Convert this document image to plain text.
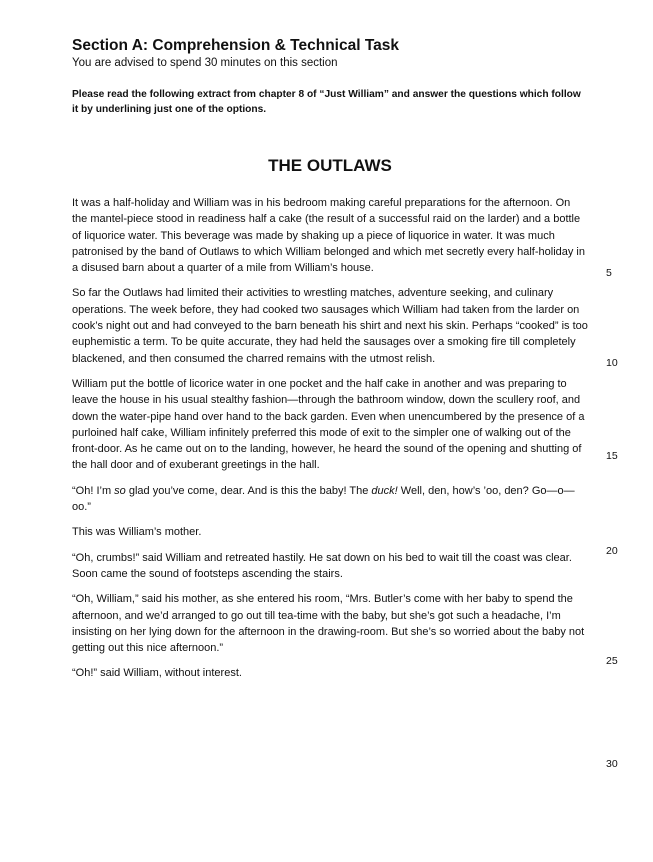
Section A: Comprehension & Technical Task

You are advised to spend 30 minutes on this section

Please read the following extract from chapter 8 of “Just William” and answer the questions which follow it by underlining just one of the options.
THE OUTLAWS

It was a half-holiday and William was in his bedroom making careful preparations for the afternoon. On the mantel-piece stood in readiness half a cake (the result of a successful raid on the larder) and a bottle of liquorice water. This beverage was made by shaking up a piece of liquorice in water. It was much patronised by the band of Outlaws to which William belonged and which met secretly every half-holiday in a disused barn about a quarter of a mile from William’s house.

So far the Outlaws had limited their activities to wrestling matches, adventure seeking, and culinary operations. The week before, they had cooked two sausages which William had taken from the larder on cook’s night out and had conveyed to the barn beneath his shirt and next his skin. Perhaps “cooked” is too euphemistic a term. To be quite accurate, they had held the sausages over a smoking fire till completely blackened, and then consumed the charred remains with the utmost relish.

William put the bottle of licorice water in one pocket and the half cake in another and was preparing to leave the house in his usual stealthy fashion—through the bathroom window, down the scullery roof, and down the water-pipe hand over hand to the back garden. Even when unencumbered by the presence of a purloined half cake, William infinitely preferred this mode of exit to the simpler one of walking out of the front-door. As he came out on to the landing, however, he heard the sound of the opening and shutting of the hall door and of exuberant greetings in the hall.

“Oh! I’m so glad you’ve come, dear. And is this the baby! The duck! Well, den, how’s ’oo, den? Go—o—oo.”

This was William’s mother.

“Oh, crumbs!” said William and retreated hastily. He sat down on his bed to wait till the coast was clear. Soon came the sound of footsteps ascending the stairs.

“Oh, William,” said his mother, as she entered his room, “Mrs. Butler’s come with her baby to spend the afternoon, and we’d arranged to go out till tea-time with the baby, but she’s got such a headache, I’m insisting on her lying down for the afternoon in the drawing-room. But she’s so worried about the baby not getting out this nice afternoon.”

“Oh!” said William, without interest.

5
10
15
20
25
30
